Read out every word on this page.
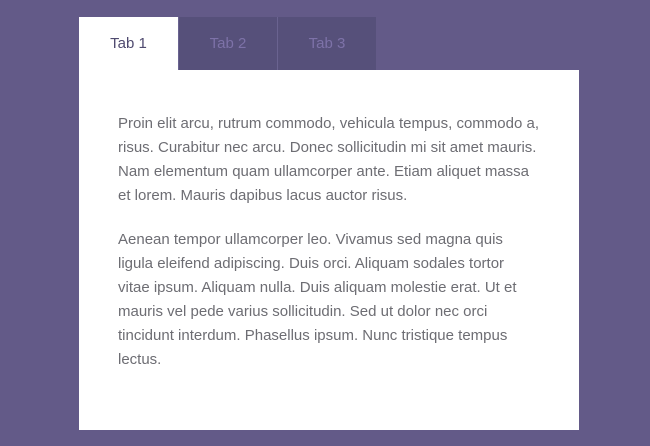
Tab 1	Tab 2	Tab 3

Proin elit arcu, rutrum commodo, vehicula tempus, commodo a, risus. Curabitur nec arcu. Donec sollicitudin mi sit amet mauris. Nam elementum quam ullamcorper ante. Etiam aliquet massa et lorem. Mauris dapibus lacus auctor risus.

Aenean tempor ullamcorper leo. Vivamus sed magna quis ligula eleifend adipiscing. Duis orci. Aliquam sodales tortor vitae ipsum. Aliquam nulla. Duis aliquam molestie erat. Ut et mauris vel pede varius sollicitudin. Sed ut dolor nec orci tincidunt interdum. Phasellus ipsum. Nunc tristique tempus lectus.
